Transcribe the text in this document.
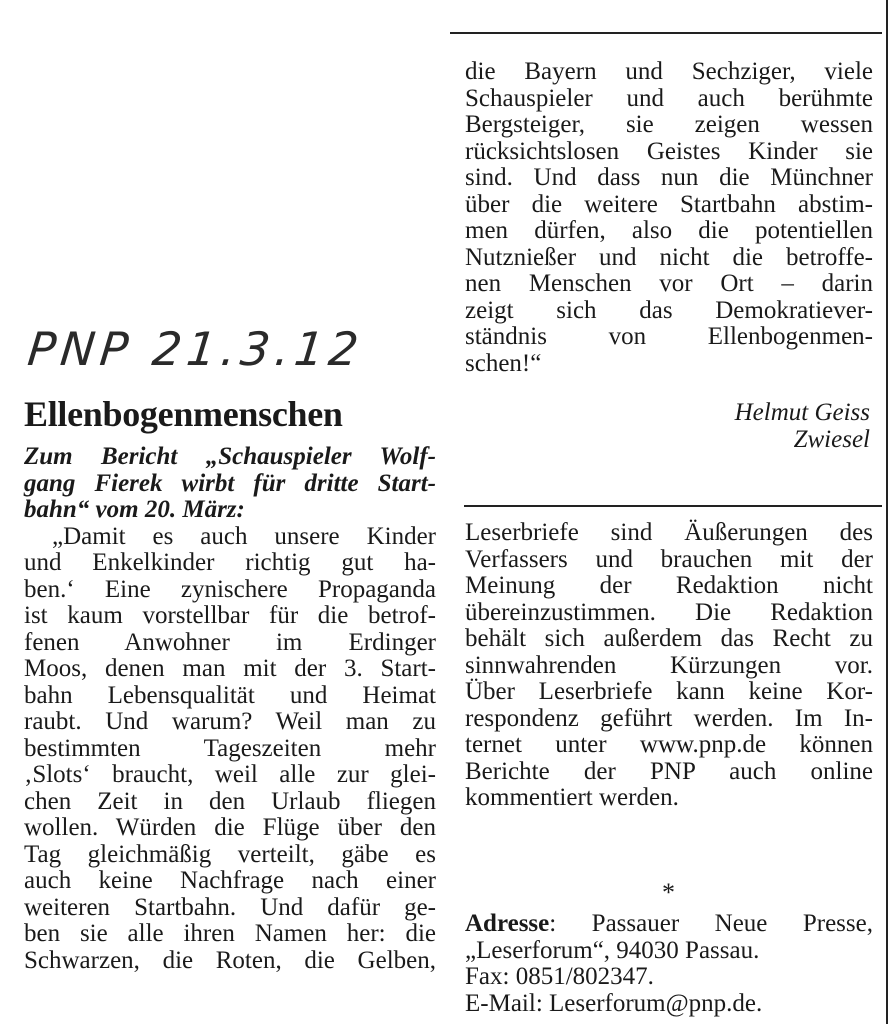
PNP 21.3.12
Ellenbogenmenschen
Zum Bericht „Schauspieler Wolf-
gang Fierek wirbt für dritte Start-
bahn“ vom 20. März:
„Damit es auch unsere Kinder
und Enkelkinder richtig gut ha-
ben.‘ Eine zynischere Propaganda
ist kaum vorstellbar für die betrof-
fenen Anwohner im Erdinger
Moos, denen man mit der 3. Start-
bahn Lebensqualität und Heimat
raubt. Und warum? Weil man zu
bestimmten Tageszeiten mehr
‚Slots‘ braucht, weil alle zur glei-
chen Zeit in den Urlaub fliegen
wollen. Würden die Flüge über den
Tag gleichmäßig verteilt, gäbe es
auch keine Nachfrage nach einer
weiteren Startbahn. Und dafür ge-
ben sie alle ihren Namen her: die
Schwarzen, die Roten, die Gelben,
die Bayern und Sechziger, viele
Schauspieler und auch berühmte
Bergsteiger, sie zeigen wessen
rücksichtslosen Geistes Kinder sie
sind. Und dass nun die Münchner
über die weitere Startbahn abstim-
men dürfen, also die potentiellen
Nutznießer und nicht die betroffe-
nen Menschen vor Ort – darin
zeigt sich das Demokratiever-
ständnis von Ellenbogenmen-
schen!“
Helmut Geiss
Zwiesel
Leserbriefe sind Äußerungen des
Verfassers und brauchen mit der
Meinung der Redaktion nicht
übereinzustimmen. Die Redaktion
behält sich außerdem das Recht zu
sinnwahrenden Kürzungen vor.
Über Leserbriefe kann keine Kor-
respondenz geführt werden. Im In-
ternet unter www.pnp.de können
Berichte der PNP auch online
kommentiert werden.
*
Adresse: Passauer Neue Presse,
„Leserforum“, 94030 Passau.
Fax: 0851/802347.
E-Mail: Leserforum@pnp.de.
